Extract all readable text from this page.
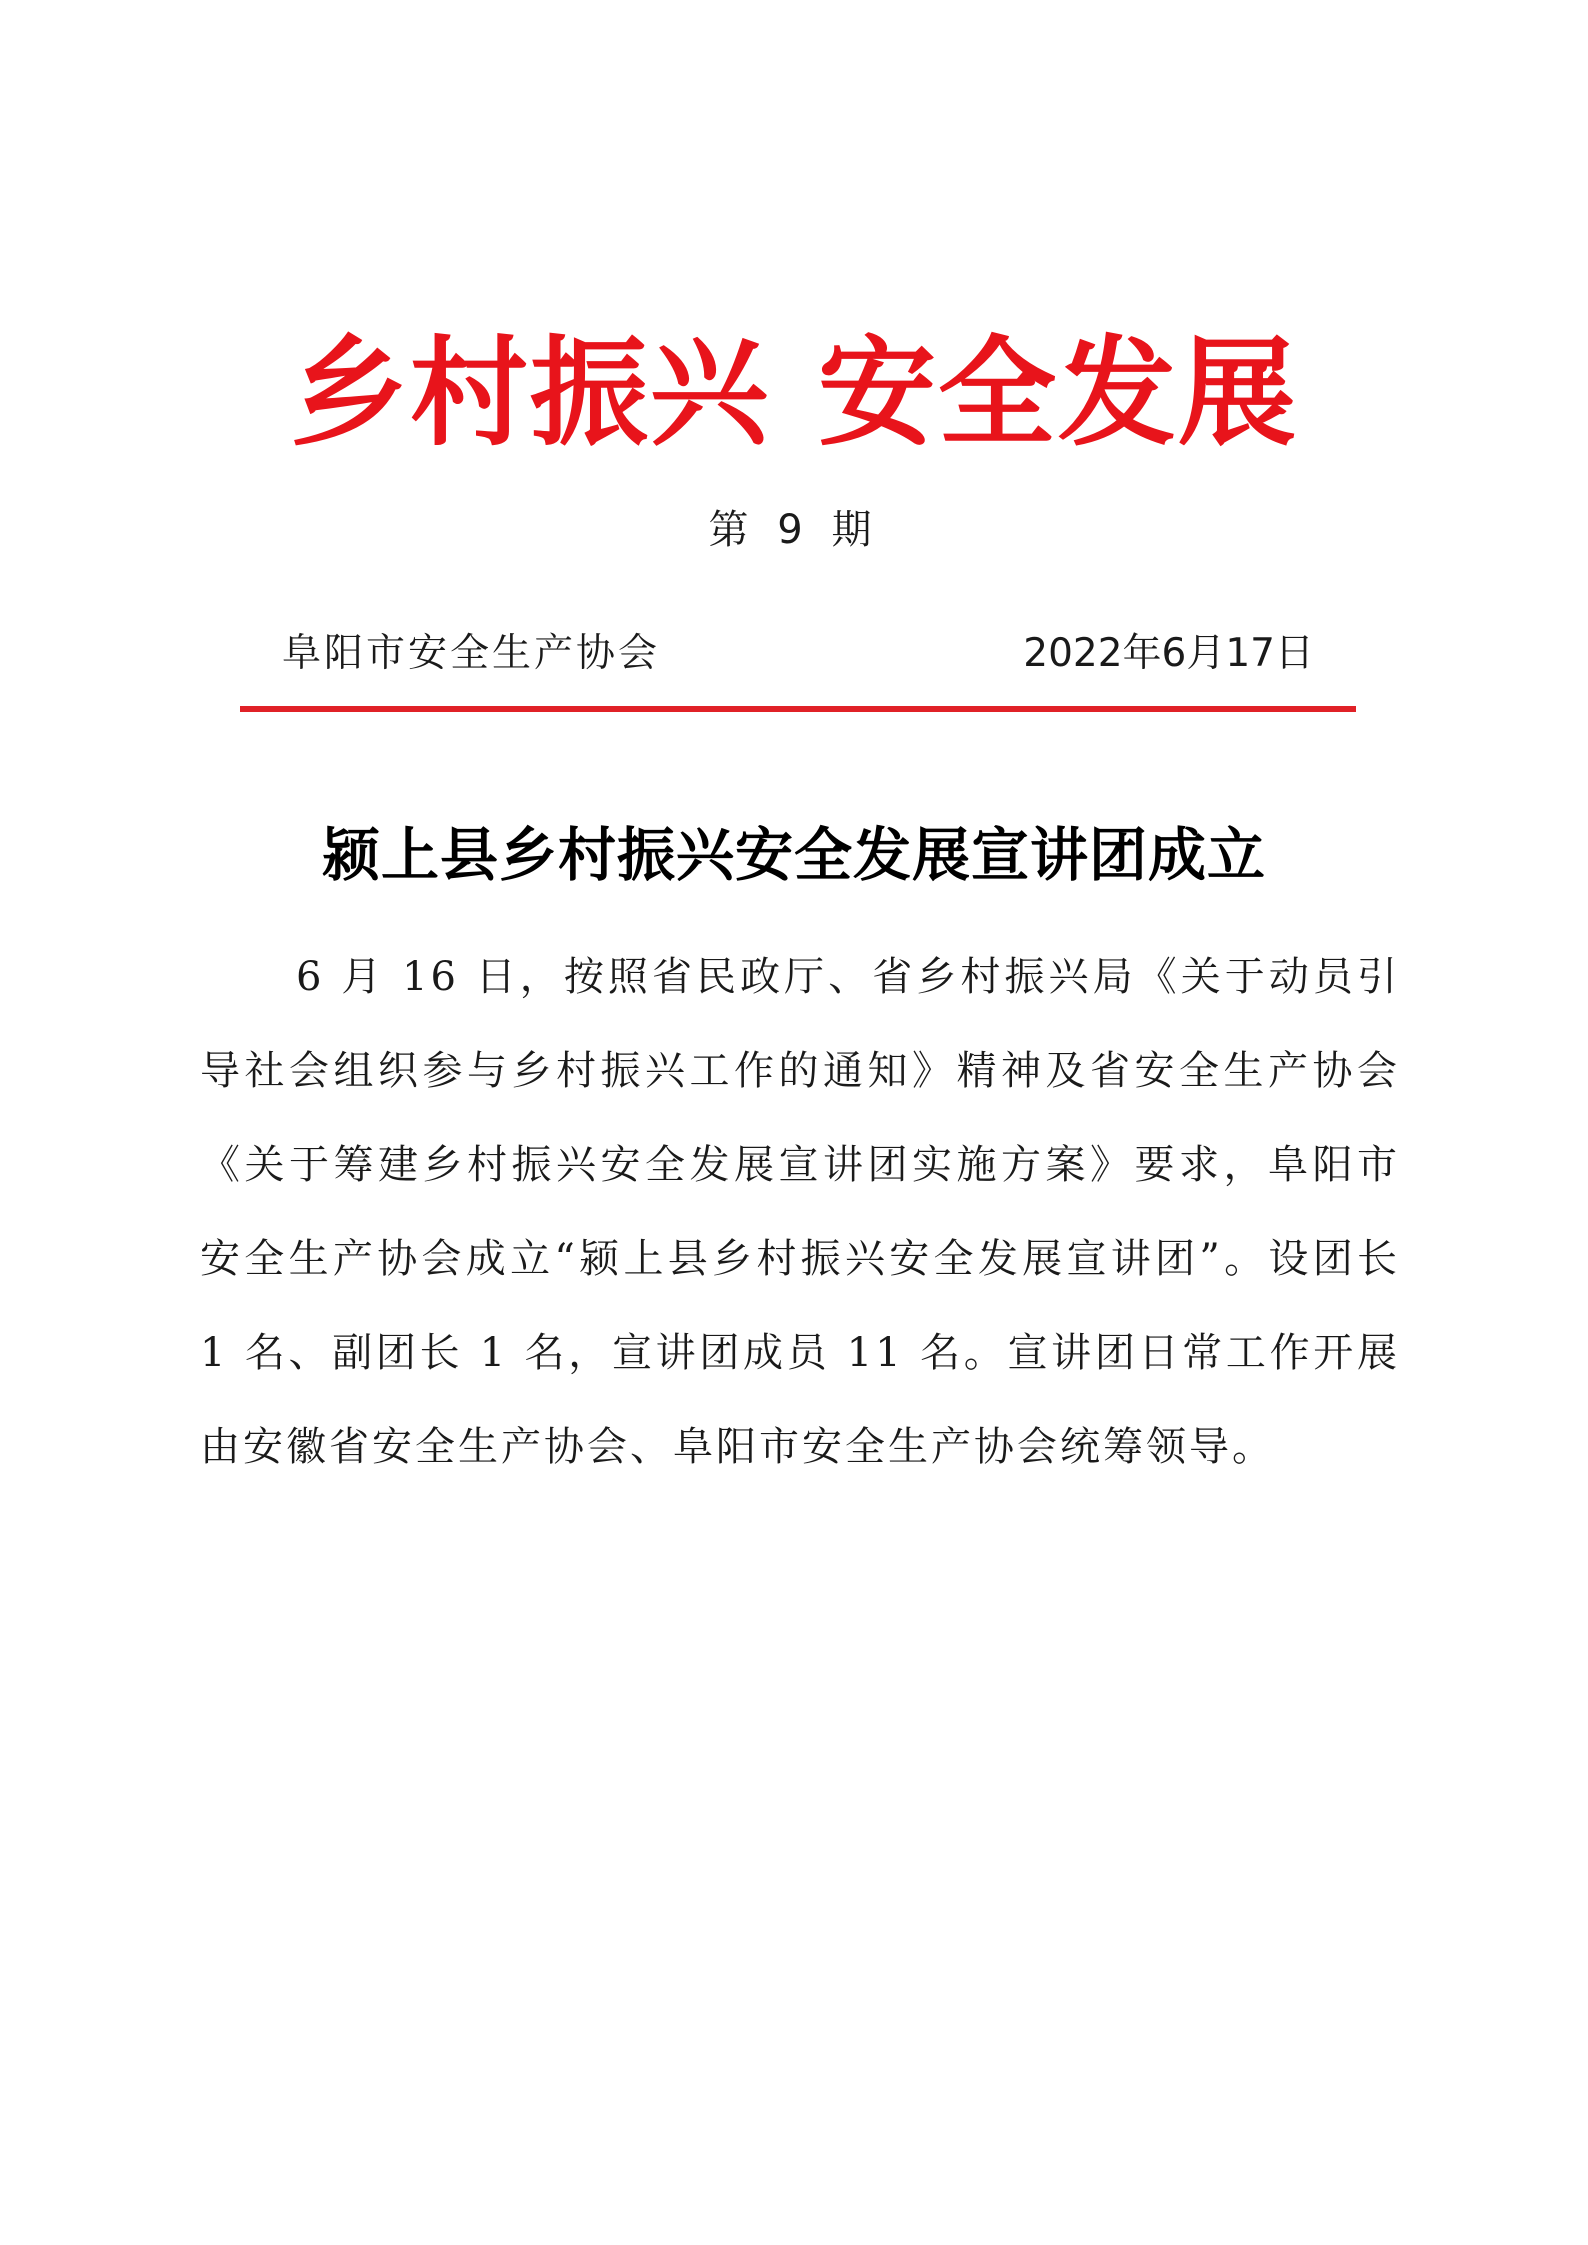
乡村振兴 安全发展
第 9 期
阜阳市安全生产协会	2022年6月17日
颍上县乡村振兴安全发展宣讲团成立

6 月 16 日，按照省民政厅、省乡村振兴局《关于动员引导社会组织参与乡村振兴工作的通知》精神及省安全生产协会《关于筹建乡村振兴安全发展宣讲团实施方案》要求，阜阳市安全生产协会成立“颍上县乡村振兴安全发展宣讲团”。设团长 1 名、副团长 1 名，宣讲团成员 11 名。宣讲团日常工作开展由安徽省安全生产协会、阜阳市安全生产协会统筹领导。
